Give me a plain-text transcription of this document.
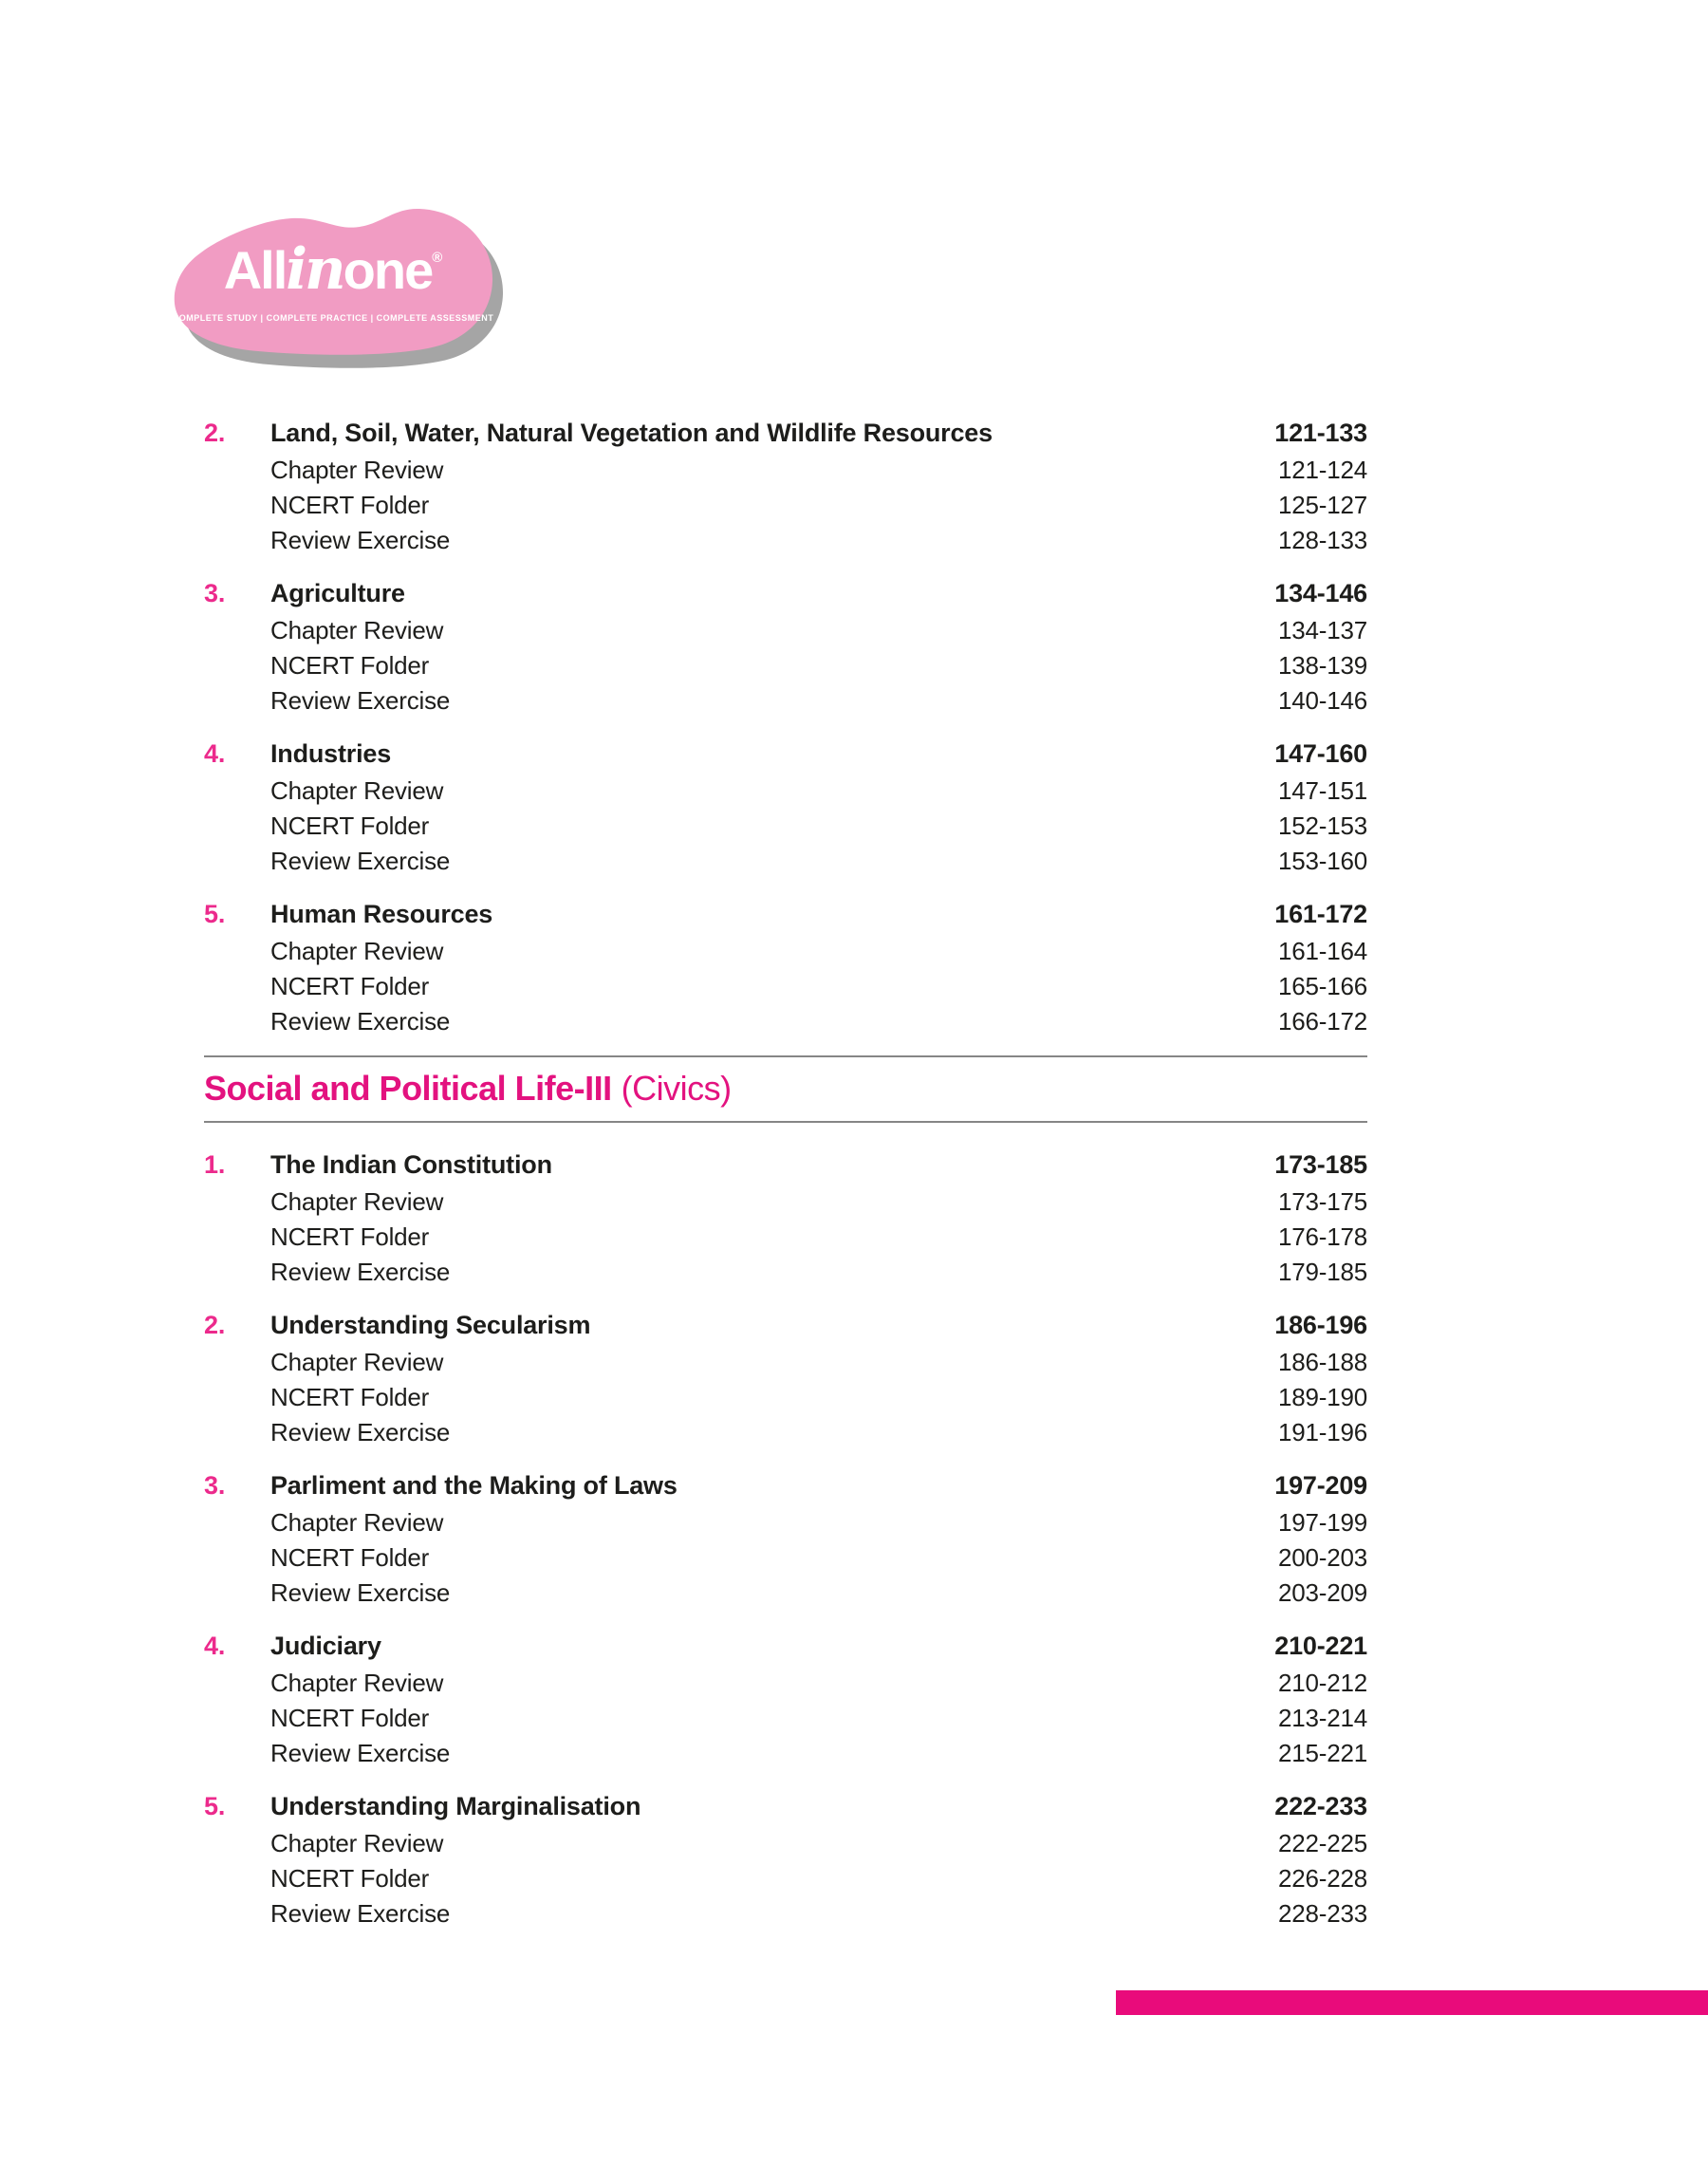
Allinone®
COMPLETE STUDY | COMPLETE PRACTICE | COMPLETE ASSESSMENT
2.	Land, Soil, Water, Natural Vegetation and Wildlife Resources	121-133
Chapter Review	121-124
NCERT Folder	125-127
Review Exercise	128-133
3.	Agriculture	134-146
Chapter Review	134-137
NCERT Folder	138-139
Review Exercise	140-146
4.	Industries	147-160
Chapter Review	147-151
NCERT Folder	152-153
Review Exercise	153-160
5.	Human Resources	161-172
Chapter Review	161-164
NCERT Folder	165-166
Review Exercise	166-172
Social and Political Life-III (Civics)
1.	The Indian Constitution	173-185
Chapter Review	173-175
NCERT Folder	176-178
Review Exercise	179-185
2.	Understanding Secularism	186-196
Chapter Review	186-188
NCERT Folder	189-190
Review Exercise	191-196
3.	Parliment and the Making of Laws	197-209
Chapter Review	197-199
NCERT Folder	200-203
Review Exercise	203-209
4.	Judiciary	210-221
Chapter Review	210-212
NCERT Folder	213-214
Review Exercise	215-221
5.	Understanding Marginalisation	222-233
Chapter Review	222-225
NCERT Folder	226-228
Review Exercise	228-233
